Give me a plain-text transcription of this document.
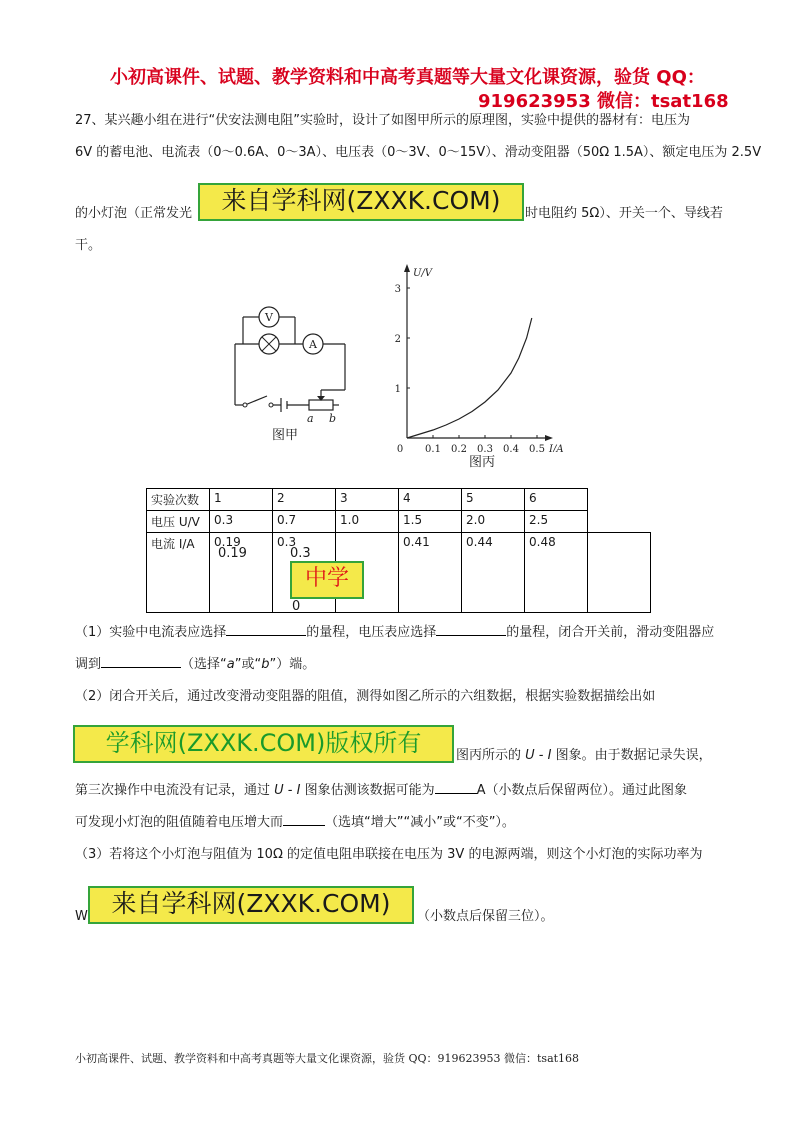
小初高课件、试题、教学资料和中高考真题等大量文化课资源，验货 QQ：
919623953 微信：tsat168
27、某兴趣小组在进行“伏安法测电阻”实验时，设计了如图甲所示的原理图，实验中提供的器材有：电压为
6V 的蓄电池、电流表（0～0.6A、0～3A）、电压表（0～3V、0～15V）、滑动变阻器（50Ω 1.5A）、额定电压为 2.5V
的小灯泡（正常发光	来自学科网(ZXXK.COM)	时电阻约 5Ω）、开关一个、导线若
干。
V
A
a b
图甲
0 0.1 0.2 0.3 0.4 0.5
1
2
3
I/A
U/V
图丙
实验次数	1	2	3	4	5	6	
电压 U/V	0.3	0.7	1.0	1.5	2.0	2.5	
电流 I/A	0.19	0.3		0.41	0.44	0.48	
0.19	0.3
中学
0
（1）实验中电流表应选择	的量程，电压表应选择	的量程，闭合开关前，滑动变阻器应
调到	（选择“a”或“b”）端。
（2）闭合开关后，通过改变滑动变阻器的阻值，测得如图乙所示的六组数据，根据实验数据描绘出如
学科网(ZXXK.COM)版权所有	图丙所示的 U - I 图象。由于数据记录失误，
第三次操作中电流没有记录，通过 U - I 图象估测该数据可能为	A（小数点后保留两位）。通过此图象
可发现小灯泡的阻值随着电压增大而	（选填“增大”“减小”或“不变”）。
（3）若将这个小灯泡与阻值为 10Ω 的定值电阻串联接在电压为 3V 的电源两端，则这个小灯泡的实际功率为
W 来自学科网(ZXXK.COM)	（小数点后保留三位）。
小初高课件、试题、教学资料和中高考真题等大量文化课资源，验货 QQ：919623953 微信：tsat168
